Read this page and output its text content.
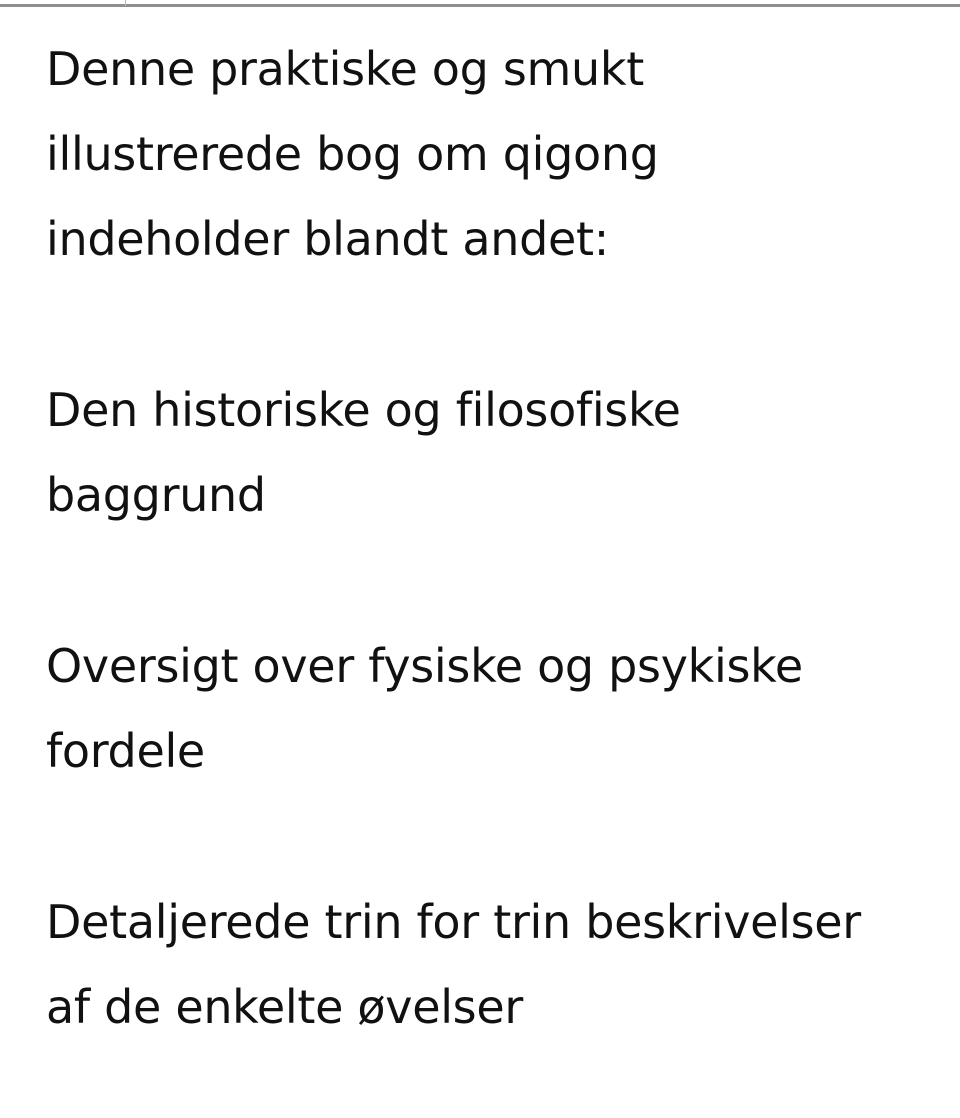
Denne praktiske og smukt
illustrerede bog om qigong
indeholder blandt andet:

Den historiske og filosofiske
baggrund

Oversigt over fysiske og psykiske
fordele

Detaljerede trin for trin beskrivelser
af de enkelte øvelser
